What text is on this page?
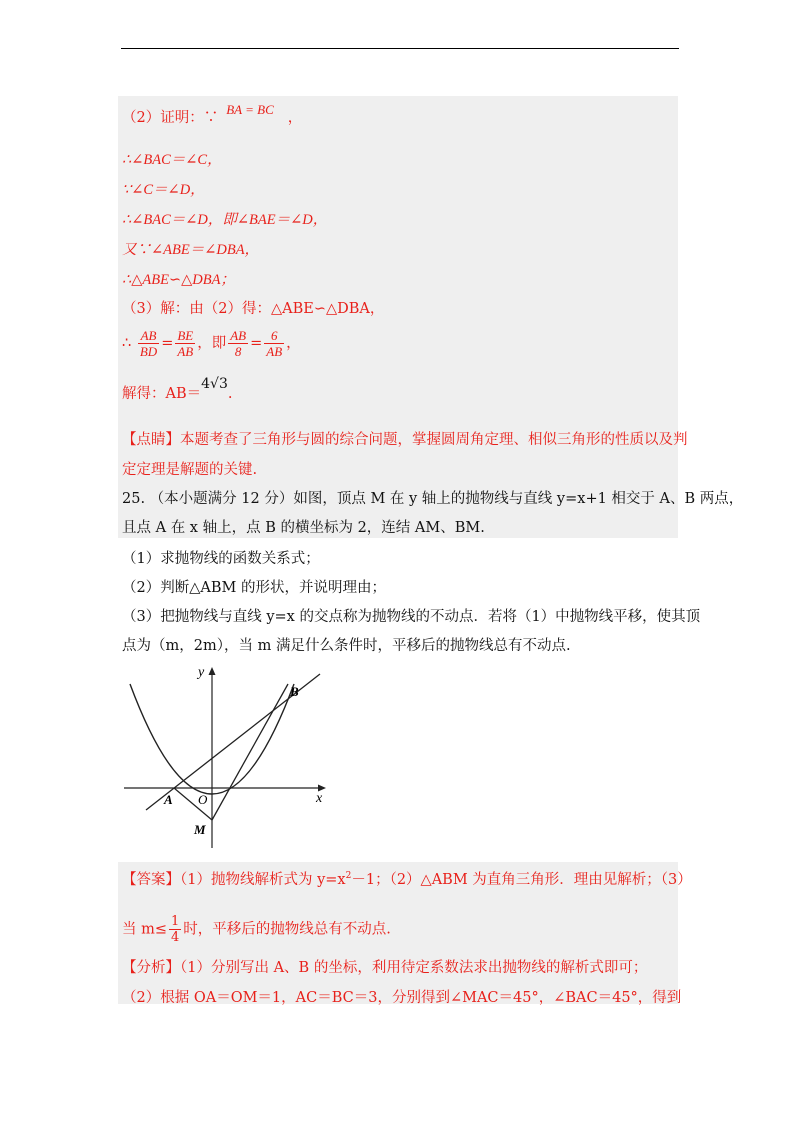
（2）证明：∵BA = BC，
∴∠BAC＝∠C，
∵∠C＝∠D，
∴∠BAC＝∠D，即∠BAE＝∠D，
又∵∠ABE＝∠DBA，
∴△ABE∽△DBA；
（3）解：由（2）得：△ABE∽△DBA，
∴ $\frac{AB}{BD} = \frac{BE}{AB}$ ，即 $\frac{AB}{8} = \frac{6}{AB}$ ，
解得：AB＝4√3.
【点睛】本题考查了三角形与圆的综合问题，掌握圆周角定理、相似三角形的性质以及判
定定理是解题的关键.
25. （本小题满分 12 分）如图，顶点 M 在 y 轴上的抛物线与直线 y=x+1 相交于 A、B 两点，
且点 A 在 x 轴上，点 B 的横坐标为 2，连结 AM、BM.
（1）求抛物线的函数关系式；
（2）判断△ABM 的形状，并说明理由；
（3）把抛物线与直线 y=x 的交点称为抛物线的不动点．若将（1）中抛物线平移，使其顶
点为（m，2m），当 m 满足什么条件时，平移后的抛物线总有不动点.
y
x
B
A O
M
【答案】（1）抛物线解析式为 $y=x^2-1$；（2）△ABM 为直角三角形．理由见解析；（3）
当 $m\le \frac{1}{4}$ 时，平移后的抛物线总有不动点.
【分析】（1）分别写出 A、B 的坐标，利用待定系数法求出抛物线的解析式即可；
（2）根据 OA＝OM＝1，AC＝BC＝3，分别得到∠MAC＝45°，∠BAC＝45°，得到
